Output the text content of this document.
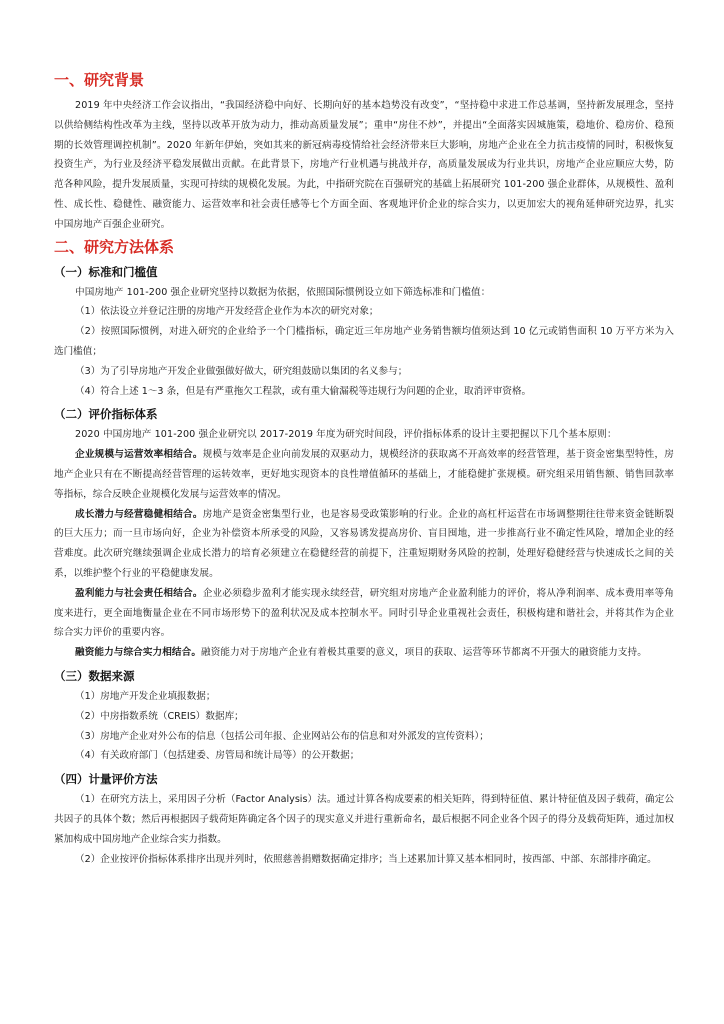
一、研究背景

2019 年中央经济工作会议指出，“我国经济稳中向好、长期向好的基本趋势没有改变”，“坚持稳中求进工作总基调，坚持新发展理念，坚持以供给侧结构性改革为主线，坚持以改革开放为动力，推动高质量发展”；重申“房住不炒”，并提出“全面落实因城施策，稳地价、稳房价、稳预期的长效管理调控机制”。2020 年新年伊始，突如其来的新冠病毒疫情给社会经济带来巨大影响，房地产企业在全力抗击疫情的同时，积极恢复投资生产，为行业及经济平稳发展做出贡献。在此背景下，房地产行业机遇与挑战并存，高质量发展成为行业共识，房地产企业应顺应大势，防范各种风险，提升发展质量，实现可持续的规模化发展。为此，中指研究院在百强研究的基础上拓展研究 101-200 强企业群体，从规模性、盈利性、成长性、稳健性、融资能力、运营效率和社会责任感等七个方面全面、客观地评价企业的综合实力，以更加宏大的视角延伸研究边界，扎实中国房地产百强企业研究。

二、研究方法体系
（一）标准和门槛值

中国房地产 101-200 强企业研究坚持以数据为依据，依照国际惯例设立如下筛选标准和门槛值：

（1）依法设立并登记注册的房地产开发经营企业作为本次的研究对象；

（2）按照国际惯例，对进入研究的企业给予一个门槛指标，确定近三年房地产业务销售额均值须达到 10 亿元或销售面积 10 万平方米为入选门槛值；

（3）为了引导房地产开发企业做强做好做大，研究组鼓励以集团的名义参与；

（4）符合上述 1～3 条，但是有严重拖欠工程款，或有重大偷漏税等违规行为问题的企业，取消评审资格。

（二）评价指标体系

2020 中国房地产 101-200 强企业研究以 2017-2019 年度为研究时间段，评价指标体系的设计主要把握以下几个基本原则：

企业规模与运营效率相结合。规模与效率是企业向前发展的双驱动力，规模经济的获取离不开高效率的经营管理，基于资金密集型特性，房地产企业只有在不断提高经营管理的运转效率，更好地实现资本的良性增值循环的基础上，才能稳健扩张规模。研究组采用销售额、销售回款率等指标，综合反映企业规模化发展与运营效率的情况。

成长潜力与经营稳健相结合。房地产是资金密集型行业，也是容易受政策影响的行业。企业的高杠杆运营在市场调整期往往带来资金链断裂的巨大压力；而一旦市场向好，企业为补偿资本所承受的风险，又容易诱发提高房价、盲目囤地，进一步推高行业不确定性风险，增加企业的经营难度。此次研究继续强调企业成长潜力的培育必须建立在稳健经营的前提下，注重短期财务风险的控制，处理好稳健经营与快速成长之间的关系，以维护整个行业的平稳健康发展。

盈利能力与社会责任相结合。企业必须稳步盈利才能实现永续经营，研究组对房地产企业盈利能力的评价，将从净利润率、成本费用率等角度来进行，更全面地衡量企业在不同市场形势下的盈利状况及成本控制水平。同时引导企业重视社会责任，积极构建和谐社会，并将其作为企业综合实力评价的重要内容。

融资能力与综合实力相结合。融资能力对于房地产企业有着极其重要的意义，项目的获取、运营等环节都离不开强大的融资能力支持。

（三）数据来源

（1）房地产开发企业填报数据；

（2）中房指数系统（CREIS）数据库；

（3）房地产企业对外公布的信息（包括公司年报、企业网站公布的信息和对外派发的宣传资料）；

（4）有关政府部门（包括建委、房管局和统计局等）的公开数据；

（四）计量评价方法

（1）在研究方法上，采用因子分析（Factor Analysis）法。通过计算各构成要素的相关矩阵，得到特征值、累计特征值及因子载荷，确定公共因子的具体个数；然后再根据因子载荷矩阵确定各个因子的现实意义并进行重新命名，最后根据不同企业各个因子的得分及载荷矩阵，通过加权紧加构成中国房地产企业综合实力指数。

（2）企业按评价指标体系排序出现并列时，依照慈善捐赠数据确定排序；当上述累加计算又基本相同时，按西部、中部、东部排序确定。
